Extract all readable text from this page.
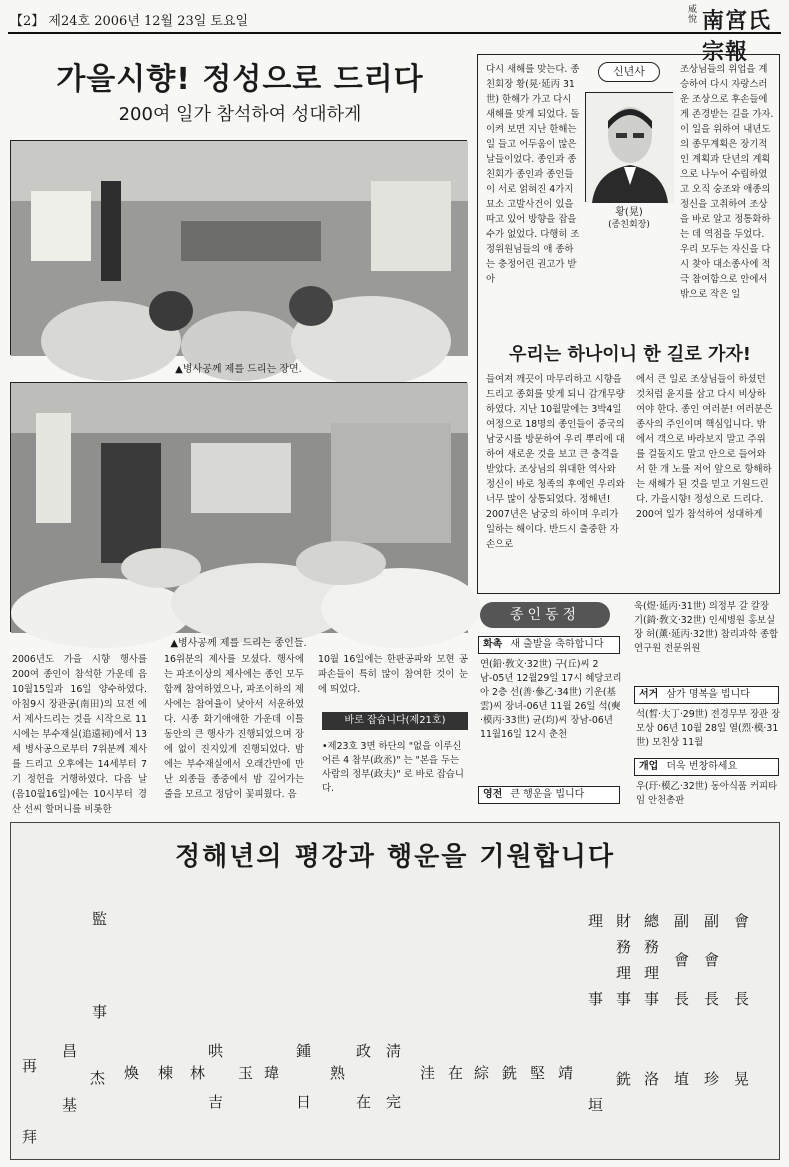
【2】 제24호 2006년 12월 23일 토요일
威悅 南宮氏宗報
가을시향! 정성으로 드리다
200여 일가 참석하여 성대하게
▲병사공께 제를 드리는 장면.
▲병사공께 제를 드리는 종인들.
2006년도 가을 시향 행사를 200여 종인이 참석한 가운데 음 10월15일과 16일 양수하였다. 아침9시 장관공(南田)의 묘전 에서 제사드리는 것을 시작으로 11시에는 부수재실(追遠祠)에서 13세 병사공으로부터 7위분께 제사를 드리고 오후에는 14세부터 7기 정헌을 거행하였다. 다음 날(음10월16일)에는 10시부터 경산 선씨 할머니를 비롯한
16위분의 제사를 모셨다. 행사에는 파조이상의 제사에는 종인 모두 함께 참여하였으나, 파조이하의 제사에는 참여율이 낮아서 서운하였다. 시종 화기애애한 가운데 이틀 동안의 큰 행사가 진행되었으며 장에 없이 진지있게 진행되었다. 밤에는 부수재실에서 오래간만에 만난 외종들 종중에서 밤 깊어가는 줄을 모르고 정담이 꽃피웠다. 음
10월 16일에는 한판공파와 모현 공파손들이 특히 많이 참여한 것이 눈에 띄었다.
바로 잡습니다(제21호)
•제23호 3면 하단의 "없을 이루신 어른 4 참부(政丞)" 는 "본을 두는 사람의 정부(政夫)" 로 바로 잡습니다.
다시 새해를 맞는다. 종친회장 황(晃·延丙 31世) 한해가 가고 다시 새해를 맞게 되었다. 돌이켜 보면 지난 한해는 일 들고 어두움이 많은 날들이었다. 종인과 종친회가 종인과 종인들이 서로 얽혀진 4가지 묘소 고발사건이 있을 따고 있어 방향을 잡을 수가 없었다. 다행히 조정위원님들의 애 종하는 충정어린 권고가 받아
신년사
황(晃)
(종친회장)
조상님들의 위업을 계승하여 다시 자랑스러운 조상으로 후손들에게 존경받는 길을 가자. 이 일을 위하여 내년도의 종무계획은 장기적인 계획과 단년의 계획으로 나누어 수립하였고 오직 숭조와 애종의 정신을 고취하여 조상을 바로 알고 정통화하는 데 역점을 두었다. 우리 모두는 자신을 다시 찾아 대소종사에 적극 참여함으로 안에서 밖으로 작은 일
우리는 하나이니 한 길로 가자!
들여져 깨끗이 마무리하고 시향을 드리고 종회를 맞게 되니 감개무량하였다. 지난 10월말에는 3박4일 여정으로 18명의 종인들이 중국의 남궁시를 방문하여 우리 뿌리에 대하여 새로운 것을 보고 큰 충격을 받았다. 조상님의 위대한 역사와 정신이 바로 청족의 후예인 우리와 너무 많이 상통되었다. 정해년! 2007년은 남궁의 하이며 우리가 일하는 해이다. 반드시 출중한 자손으로
에서 큰 일로 조상님들이 하셨던 것처럼 윤지를 삼고 다시 비상하여야 한다. 종인 여러분! 여러분은 종사의 주인이며 핵심입니다. 밖에서 객으로 바라보지 말고 주위를 걸돌지도 말고 안으로 들어와서 한 개 노를 저어 앞으로 항해하는 새해가 된 것을 믿고 기원드린다. 가을시향! 정성으로 드리다. 200여 일가 참석하여 성대하게
종인동정
화촉 새 출발을 축하합니다
연(鉛·敎文·32世) 구(丘)씨 2남-05년 12월29일 17시 혜당코리아 2층 선(善·參乙·34世) 기운(基雲)씨 장녀-06년 11월 26일 석(奭·模丙·33世) 균(均)씨 장남-06년11월16일 12시 춘천
영전 큰 행운을 빕니다
욱(煜·延丙·31世) 의정부 갈 칼장 기(錡·敎文·32世) 인세병원 홍보실장 허(薰·延丙·32世) 참리과학 종합연구원 전문위원
서거 삼가 명복을 빕니다
석(晳·大丁·29世) 전경무부 장관 장모상 06년 10월 28일 열(烈·模·31世) 모친상 11월
개업 더욱 번창하세요
우(玗·模乙·32世) 동아식품 커피타임 안천총판
정해년의 평강과 행운을 기원합니다
監
事
再
拜
昌
杰
基
煥 棟 林
哄
吉
玉 瑋
鍾
日
熟
政
在
淸
完
洼 在 綜 銑 堅 靖
理
事
垣
財
務
理
事
銑
總
務
理
事
洛
副
會
長
埴
副
會
長
珍
會
長
晃
